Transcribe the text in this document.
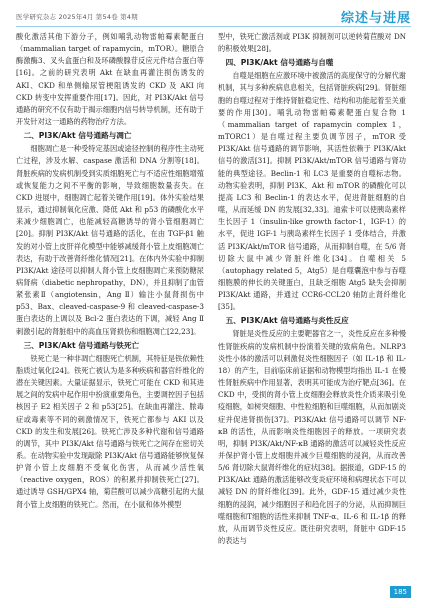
医学研究杂志 2025年4月 第54卷 第4期	综述与进展

酸化激活其他下游分子，例如哺乳动物雷帕霉素靶蛋白（mammalian target of rapamycin，mTOR）。糖原合酶激酶3、叉头盒蛋白和及环磷酸腺苷反应元件结合蛋白等[16]。之前的研究表明 Akt 在缺血再灌注损伤诱发的 AKI、CKD 和单侧输尿管梗阻诱发的 CKD 及 AKI 向 CKD 转变中发挥重要作用[17]。因此，对 PI3K/Akt 信号通路的研究不仅有助于揭示细胞内信号转导机制，还有助于开发针对这一通路的药物治疗方法。

二、PI3K/Akt 信号通路与凋亡

细胞凋亡是一种受特定基因或途径控制的程序性主动死亡过程，涉及水解、caspase 激活和 DNA 分割等[18]。肾脏疾病的发病机制受到实质细胞死亡与不适应性细胞增殖或恢复能力之间不平衡的影响，导致细胞数量丧失。在 CKD 进展中，细胞凋亡起着关键作用[19]。体外实验结果显示，通过抑制氧化应激、降低 Akt 和 p53 的磷酸化水平来减少细胞凋亡，也能减轻高糖诱导的肾小管细胞凋亡[20]。抑制 PI3K/Akt 信号通路的活化，在由 TGF-β1 触发的对小管上皮肝祥化模型中能够减缓肾小管上皮细胞凋亡表达，有助于改善肾纤维化情况[21]。在体内外实验中抑制 PI3K/Akt 途径可以抑制人肾小管上皮细胞凋亡来预防糖尿病肾病（diabetic nephropathy，DN），并且抑制了血管紧张素Ⅱ（angiotensin，Ang Ⅱ）输注小鼠肾损伤中 p53、Bax、cleaved-caspase-9 和 cleaved-caspase-3 蛋白表达的上调以及 Bcl-2 蛋白表达的下调，减轻 Ang Ⅱ 刺激引起的肾脏组中的高血压肾损伤和细胞凋亡[22,23]。

三、PI3K/Akt 信号通路与铁死亡

铁死亡是一种非凋亡细胞死亡机制，其特征是铁依赖性脂质过氧化[24]。铁死亡被认为是多种疾病和器官纤维化的潜在关键因素。大量证据显示，铁死亡可能在 CKD 和其进展之间的发病中起作用中扮演重要角色，主要调控因子包括核因子 E2 相关因子 2 和 p53[25]。在缺血再灌注、脓毒症或毒素等不同的刺激情况下，铁死亡都参与 AKI 以及 CKD 的发生和发展[26]。铁死亡涉及多种代谢和信号通路的调节，其中 PI3K/Akt 信号通路与铁死亡之间存在密切关系。在动物实验中发现敲除 PI3K/Akt 信号通路能够恢复保护肾小管上皮细胞不受氧化伤害，从而减少活性氧（reactive oxygen，ROS）的积累并抑制铁死亡[27]。通过诱导 GSH/GPX4 轴，菊苣酸可以减少高糖引起的大鼠肾小管上皮细胞的铁死亡。然而，在小鼠和体外模型

型中，铁死亡激活剂或 PI3K 抑制剂可以逆转菊苣酸对 DN 的积极效果[28]。

四、PI3K/Akt 信号通路与自噬

自噬是细胞在应激环境中被激活的高度保守的分解代谢机制，其与多种疾病息息相关，包括肾脏疾病[29]。肾脏细胞的自噬过程对于维持肾脏稳定性、结构和功能起着至关重要的作用[30]。哺乳动物雷帕霉素靶蛋白复合物 1（mammalian target of rapamycin complex 1，mTORC1）是自噬过程主要负调节因子，mTOR 受 PI3K/Akt 信号通路的调节影响，其活性依赖于 PI3K/Akt 信号的激活[31]。抑制 PI3K/Akt/mTOR 信号通路与肾功能的典型途径。Beclin-1 和 LC3 是重要的自噬标志物。动物实验表明，抑制 PI3K、Akt 和 mTOR 的磷酸化可以提高 LC3 和 Beclin-1 的表达水平，促进肾脏细胞的自噬，从而延缓 DN 的发展[32,33]。迪索卡可以使胰岛素样生长因子 1（insulin-like growth factor-1，IGF-1）的水平，促进 IGF-1 与胰岛素样生长因子 1 受体结合，并激活 PI3K/Akt/mTOR 信号通路，从而抑制自噬，在 5/6 肾切除大鼠中减少肾脏纤维化[34]。自噬相关 5（autophagy related 5，Atg5）是自噬囊泡中参与吞噬细胞膜的伸长的关键蛋白，且缺乏细胞 Atg5 缺失会抑制 PI3K/Akt 通路，并通过 CCR6-CCL20 轴防止肾纤维化[35]。

五、PI3K/Akt 信号通路与炎性反应

肾脏是炎性反应的主要靶器官之一，炎性反应在多种慢性肾脏疾病的发病机制中扮演着关键的致病角色。NLRP3 炎性小体的激活可以刺激促炎性细胞因子（如 IL-1β 和 IL-18）的产生，目前临床前证据和动物模型均指出 IL-1 在慢性肾脏疾病中作用显著，表明其可能成为治疗靶点[36]。在 CKD 中，受损的肾小管上皮细胞会释放炎性介质来吸引免疫细胞，如树突细胞、中性粒细胞和巨噬细胞，从而加剧炎症并促进肾损伤[37]。PI3K/Akt 信号通路可以调节 NF-κB 的活性，从而影响炎性细胞因子的释放。一项研究表明，抑制 PI3K/Akt/NF-κB 通路的激活可以减轻炎性反应并保护肾小管上皮细胞并减少巨噬细胞的浸润，从而改善 5/6 肾切除大鼠肾纤维化的症状[38]。据报道，GDF-15 的 PI3K/Akt 通路的激活能够改变炎症环境和病理状态下可以减轻 DN 的肾纤维化[39]。此外，GDF-15 通过减少炎性细胞的浸润，减少细胞因子和趋化因子的分泌，从而抑制巨噬细胞和T细胞的活性来抑制 TNF-α、IL-6 和 IL-1β 的释放，从而调节炎性反应。既往研究表明，肾脏中 GDF-15 的表达与

185
